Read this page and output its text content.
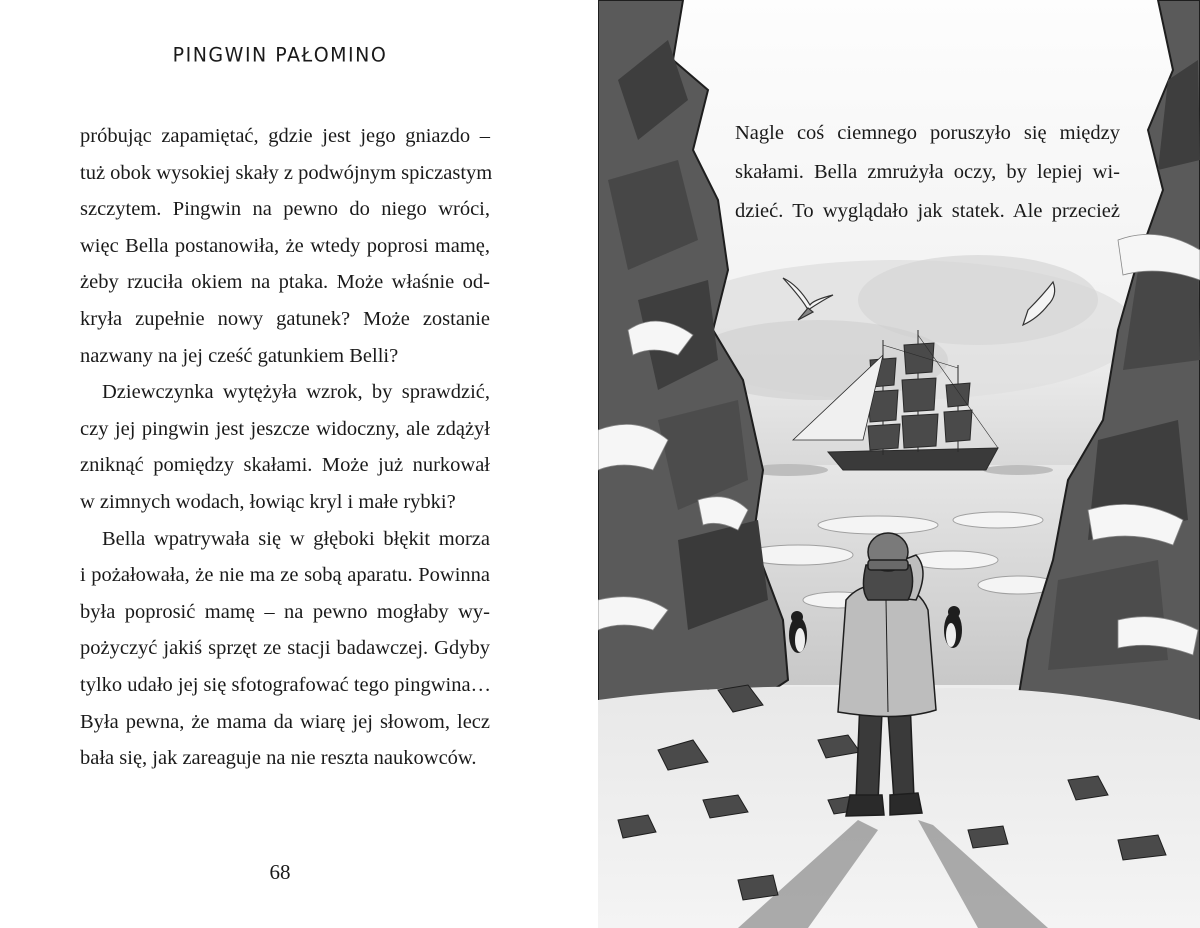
PINGWIN PAŁOMINO
próbując zapamiętać, gdzie jest jego gniazdo –
tuż obok wysokiej skały z podwójnym spiczastym
szczytem. Pingwin na pewno do niego wróci,
więc Bella postanowiła, że wtedy poprosi mamę,
żeby rzuciła okiem na ptaka. Może właśnie od-
kryła zupełnie nowy gatunek? Może zostanie
nazwany na jej cześć gatunkiem Belli?
Dziewczynka wytężyła wzrok, by sprawdzić,
czy jej pingwin jest jeszcze widoczny, ale zdążył
zniknąć pomiędzy skałami. Może już nurkował
w zimnych wodach, łowiąc kryl i małe rybki?
Bella wpatrywała się w głęboki błękit morza
i pożałowała, że nie ma ze sobą aparatu. Powinna
była poprosić mamę – na pewno mogłaby wy-
pożyczyć jakiś sprzęt ze stacji badawczej. Gdyby
tylko udało jej się sfotografować tego pingwina…
Była pewna, że mama da wiarę jej słowom, lecz
bała się, jak zareaguje na nie reszta naukowców.
68
Nagle coś ciemnego poruszyło się między
skałami. Bella zmrużyła oczy, by lepiej wi-
dzieć. To wyglądało jak statek. Ale przecież
